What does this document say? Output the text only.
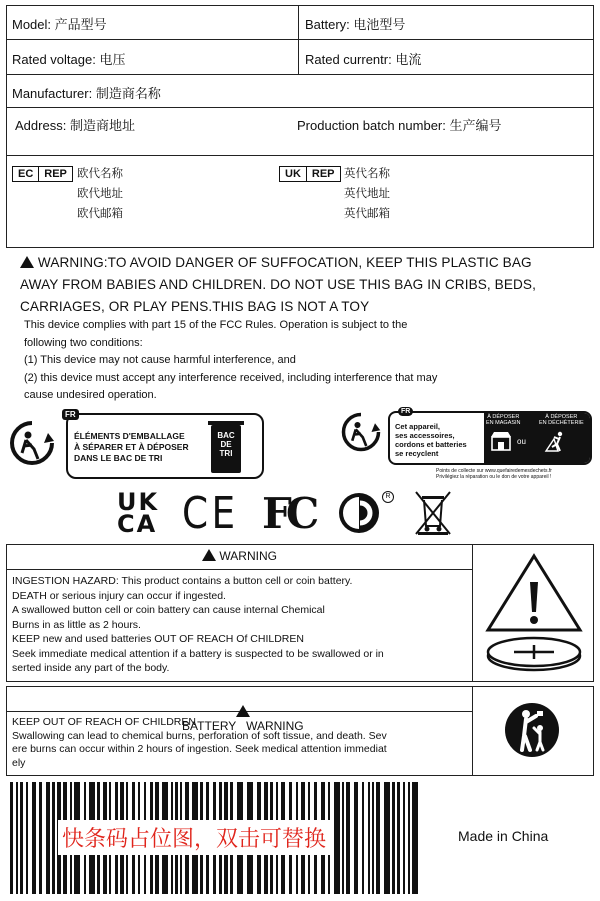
Model: 产品型号	Battery: 电池型号
Rated voltage: 电压	Rated currentr: 电流
Manufacturer: 制造商名称
Address: 制造商地址	Production batch number: 生产编号
EC	REP 欧代名称
欧代地址
欧代邮箱
UK	REP 英代名称
英代地址
英代邮箱
WARNING:TO AVOID DANGER OF SUFFOCATION, KEEP THIS PLASTIC BAG
AWAY FROM BABIES AND CHILDREN. DO NOT USE THIS BAG IN CRIBS, BEDS,
CARRIAGES, OR PLAY PENS.THIS BAG IS NOT A TOY
This device complies with part 15 of the FCC Rules. Operation is subject to the
following two conditions:
(1) This device may not cause harmful interference, and
(2) this device must accept any interference received, including interference that may
cause undesired operation.
FR
ÉLÉMENTS D'EMBALLAGE
À SÉPARER ET À DÉPOSER
DANS LE BAC DE TRI
BAC
DE
TRI
FR
Cet appareil,
ses accessoires,
cordons et batteries
se recyclent
À DÉPOSER
EN MAGASIN
À DÉPOSER
EN DÉCHÈTERIE
ou
Points de collecte sur www.quefairedemesdechets.fr
Privilégiez la réparation ou le don de votre appareil !
UK
CA CE FC	R
WARNING
INGESTION HAZARD: This product contains a button cell or coin battery.
DEATH or serious injury can occur if ingested.
A swallowed button cell or coin battery can cause internal Chemical
Burns in as little as 2 hours.
KEEP new and used batteries OUT OF REACH Of CHILDREN
Seek immediate medical attention if a battery is suspected to be swallowed or in
serted inside any part of the body.

BATTERY   WARNING

KEEP OUT OF REACH OF CHILDREN
Swallowing can lead to chemical burns, perforation of soft tissue, and death. Sev
ere burns can occur within 2 hours of ingestion. Seek medical attention immediat
ely
快条码占位图，双击可替换	Made in China
